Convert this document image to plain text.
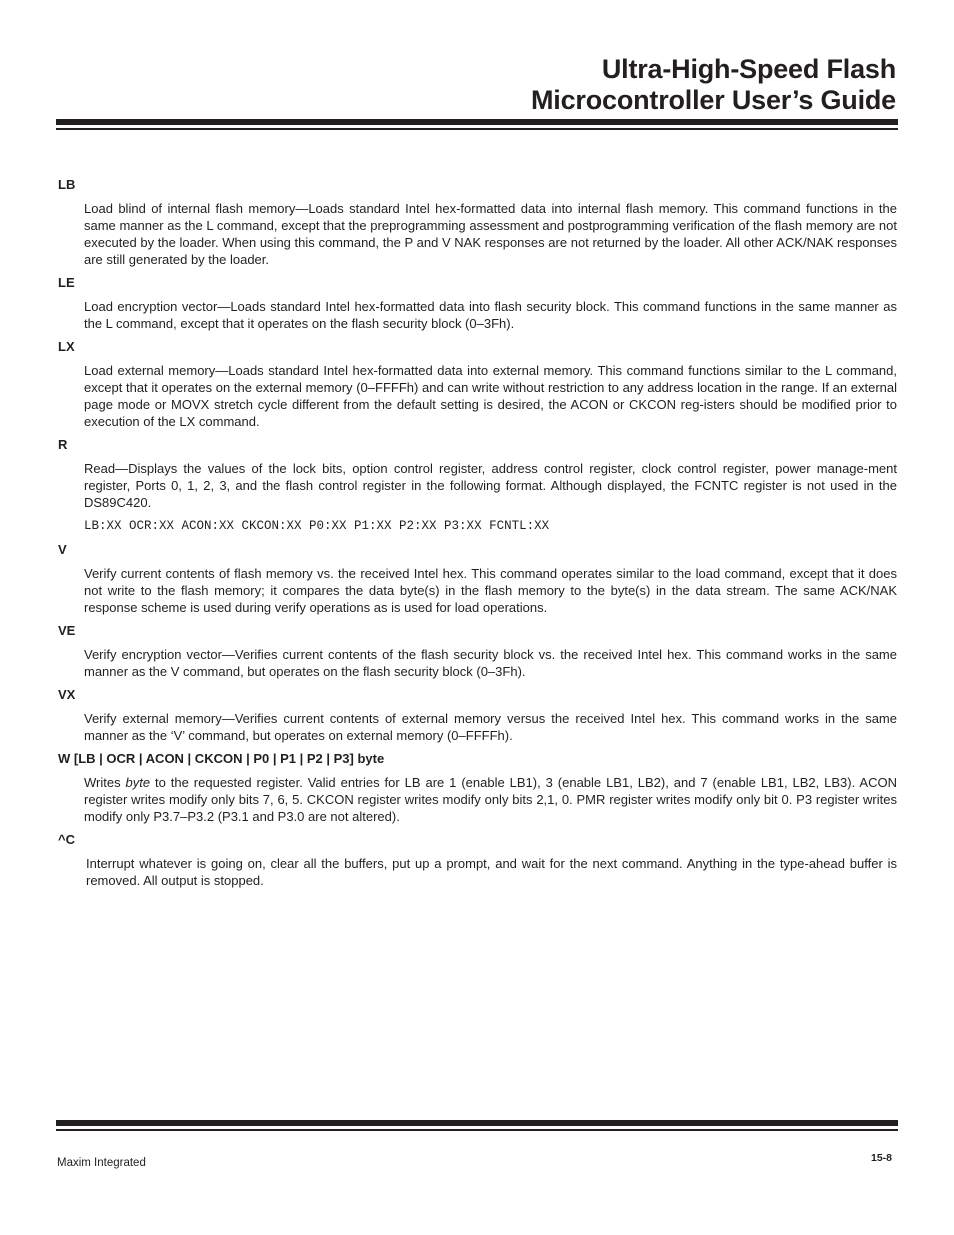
Ultra-High-Speed Flash
Microcontroller User’s Guide
LB
Load blind of internal flash memory—Loads standard Intel hex-formatted data into internal flash memory. This command functions in the same manner as the L command, except that the preprogramming assessment and postprogramming verification of the flash memory are not executed by the loader. When using this command, the P and V NAK responses are not returned by the loader. All other ACK/NAK responses are still generated by the loader.
LE
Load encryption vector—Loads standard Intel hex-formatted data into flash security block. This command functions in the same manner as the L command, except that it operates on the flash security block (0–3Fh).
LX
Load external memory—Loads standard Intel hex-formatted data into external memory. This command functions similar to the L command, except that it operates on the external memory (0–FFFFh) and can write without restriction to any address location in the range. If an external page mode or MOVX stretch cycle different from the default setting is desired, the ACON or CKCON reg-isters should be modified prior to execution of the LX command.
R
Read—Displays the values of the lock bits, option control register, address control register, clock control register, power manage-ment register, Ports 0, 1, 2, 3, and the flash control register in the following format. Although displayed, the FCNTC register is not used in the DS89C420.
LB:XX OCR:XX ACON:XX CKCON:XX P0:XX P1:XX P2:XX P3:XX FCNTL:XX
V
Verify current contents of flash memory vs. the received Intel hex. This command operates similar to the load command, except that it does not write to the flash memory; it compares the data byte(s) in the flash memory to the byte(s) in the data stream. The same ACK/NAK response scheme is used during verify operations as is used for load operations.
VE
Verify encryption vector—Verifies current contents of the flash security block vs. the received Intel hex. This command works in the same manner as the V command, but operates on the flash security block (0–3Fh).
VX
Verify external memory—Verifies current contents of external memory versus the received Intel hex. This command works in the same manner as the ‘V’ command, but operates on external memory (0–FFFFh).
W [LB | OCR | ACON | CKCON | P0 | P1 | P2 | P3] byte
Writes byte to the requested register. Valid entries for LB are 1 (enable LB1), 3 (enable LB1, LB2), and 7 (enable LB1, LB2, LB3). ACON register writes modify only bits 7, 6, 5. CKCON register writes modify only bits 2,1, 0. PMR register writes modify only bit 0. P3 register writes modify only P3.7–P3.2 (P3.1 and P3.0 are not altered).
^C
Interrupt whatever is going on, clear all the buffers, put up a prompt, and wait for the next command. Anything in the type-ahead buffer is removed. All output is stopped.
Maxim Integrated	15-8
